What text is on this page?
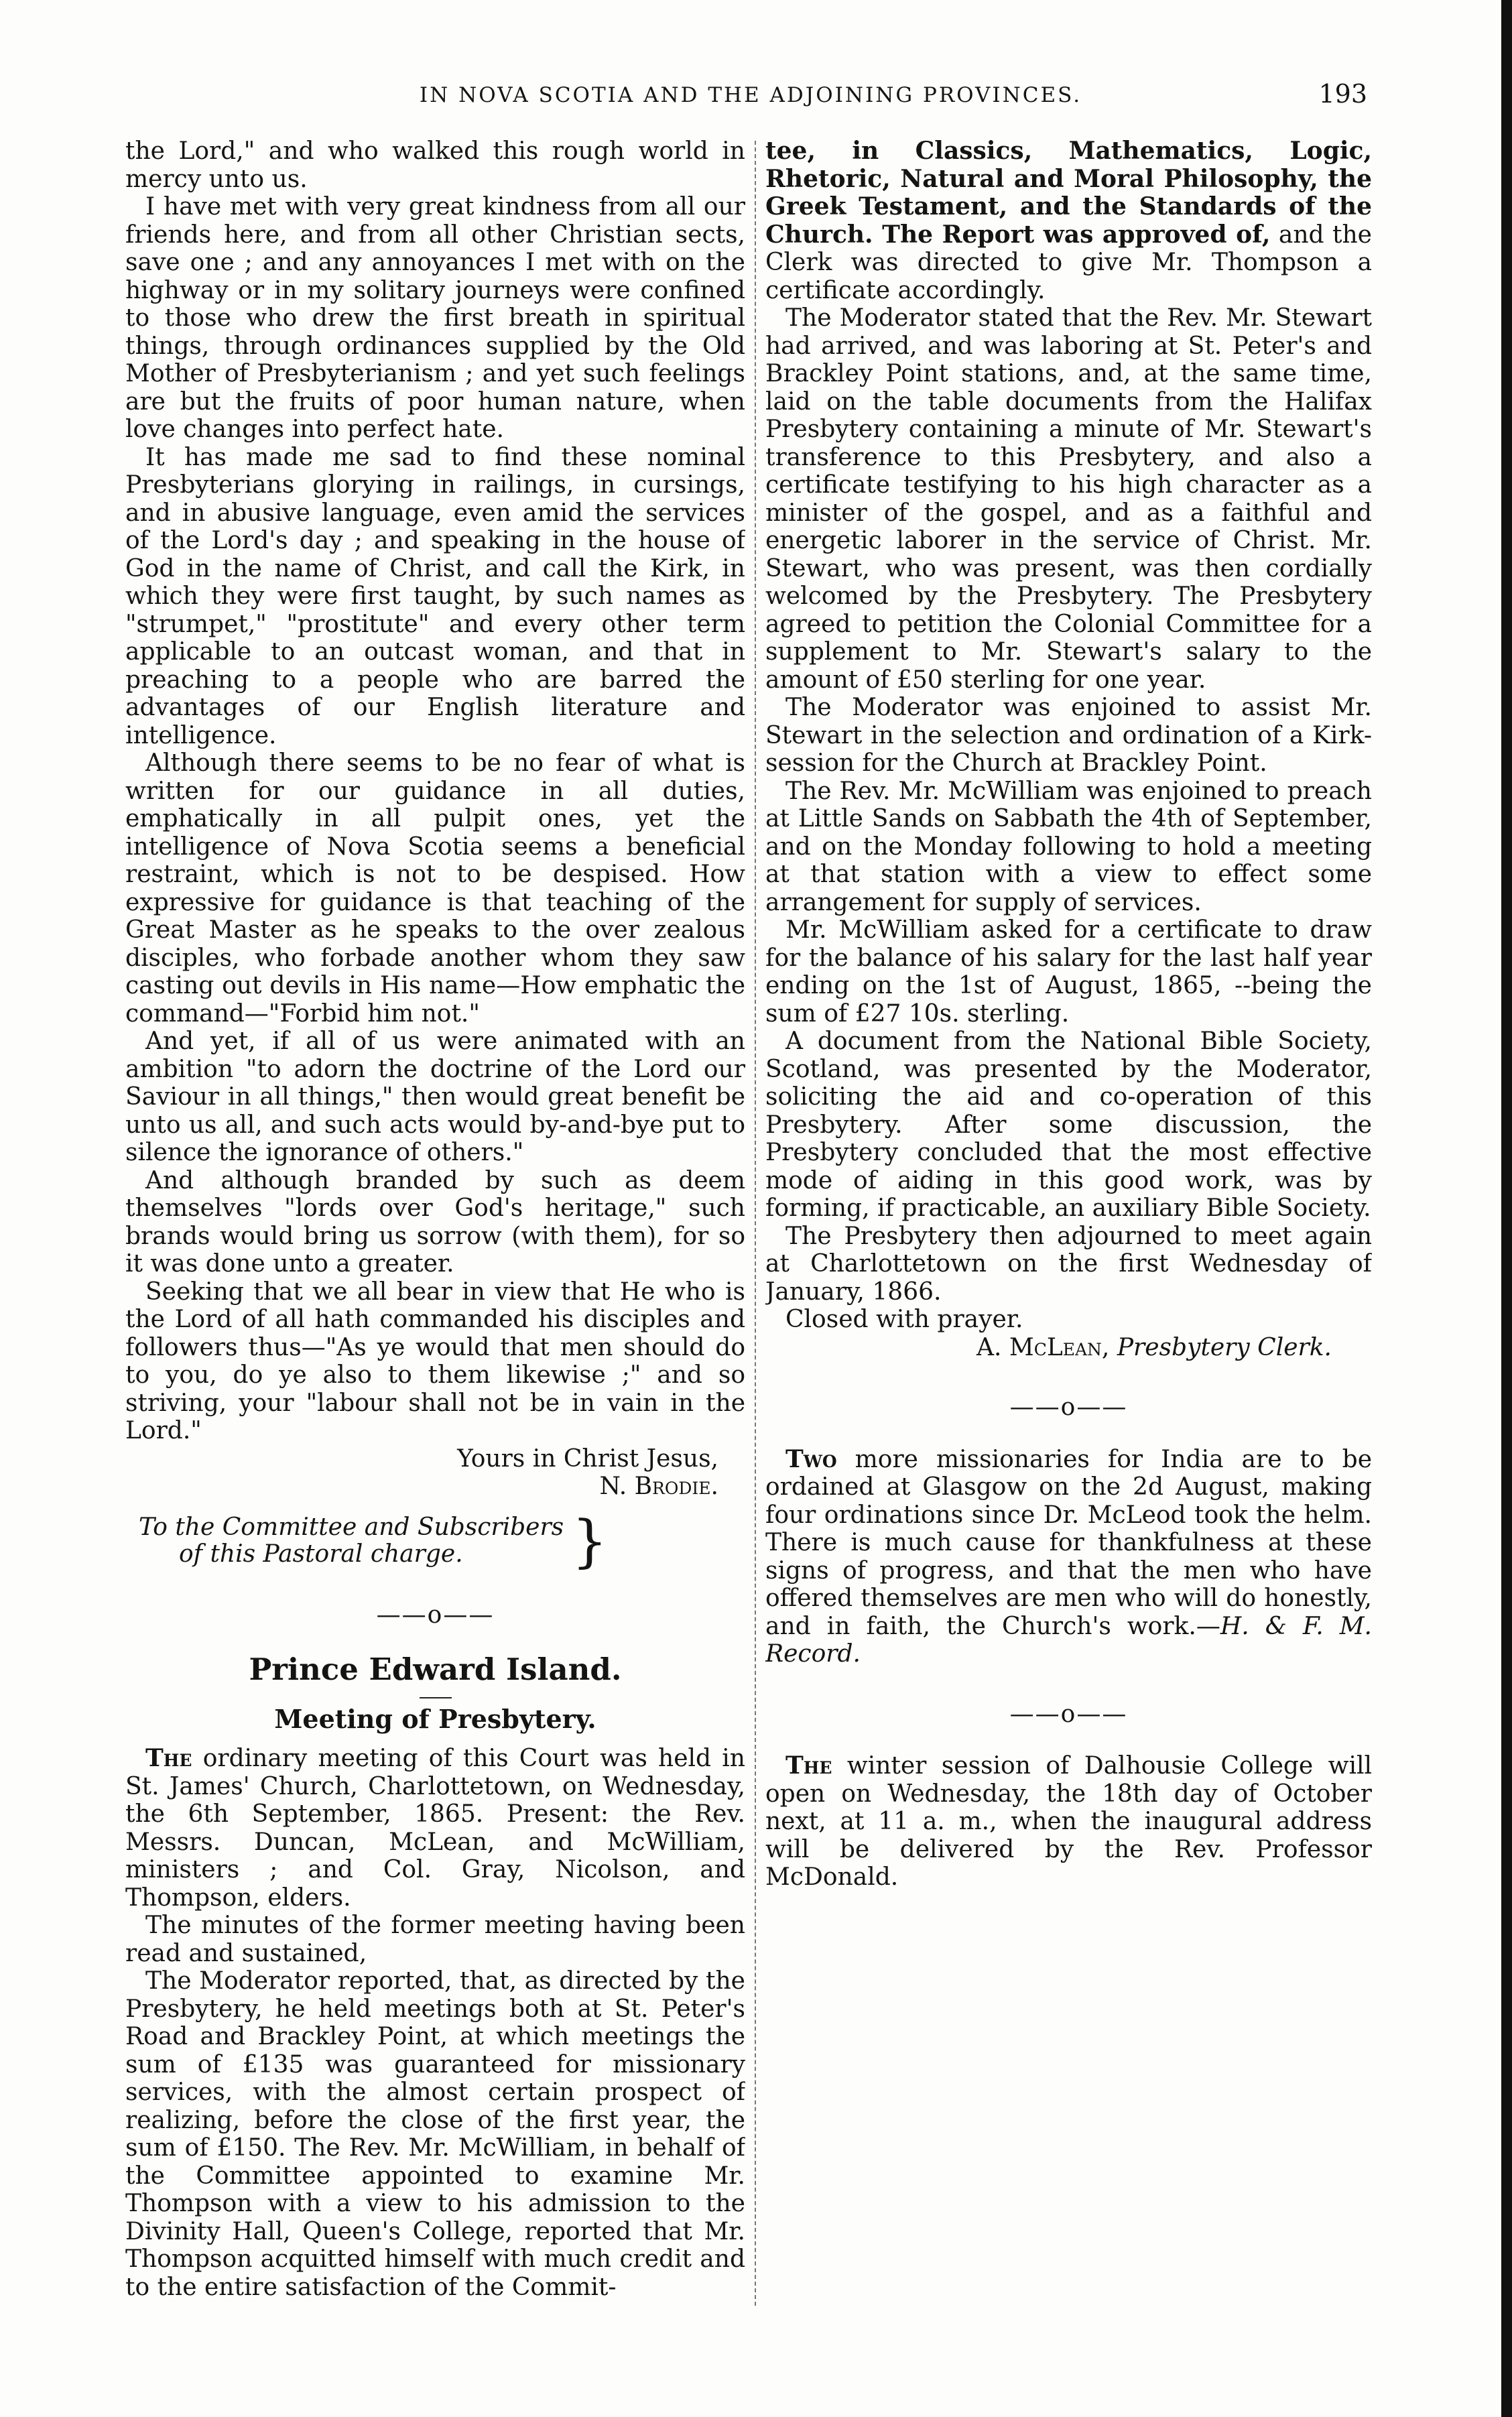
IN NOVA SCOTIA AND THE ADJOINING PROVINCES.	193

the Lord," and who walked this rough world in mercy unto us.

I have met with very great kindness from all our friends here, and from all other Christian sects, save one ; and any annoyances I met with on the highway or in my solitary journeys were confined to those who drew the first breath in spiritual things, through ordinances supplied by the Old Mother of Presbyterianism ; and yet such feelings are but the fruits of poor human nature, when love changes into perfect hate.

It has made me sad to find these nominal Presbyterians glorying in railings, in cursings, and in abusive language, even amid the services of the Lord's day ; and speaking in the house of God in the name of Christ, and call the Kirk, in which they were first taught, by such names as "strumpet," "prostitute" and every other term applicable to an outcast woman, and that in preaching to a people who are barred the advantages of our English literature and intelligence.

Although there seems to be no fear of what is written for our guidance in all duties, emphatically in all pulpit ones, yet the intelligence of Nova Scotia seems a beneficial restraint, which is not to be despised. How expressive for guidance is that teaching of the Great Master as he speaks to the over zealous disciples, who forbade another whom they saw casting out devils in His name—How emphatic the command—"Forbid him not."

And yet, if all of us were animated with an ambition "to adorn the doctrine of the Lord our Saviour in all things," then would great benefit be unto us all, and such acts would by-and-bye put to silence the ignorance of others."

And although branded by such as deem themselves "lords over God's heritage," such brands would bring us sorrow (with them), for so it was done unto a greater.

Seeking that we all bear in view that He who is the Lord of all hath commanded his disciples and followers thus—"As ye would that men should do to you, do ye also to them likewise ;" and so striving, your "labour shall not be in vain in the Lord."

Yours in Christ Jesus,

N. Brodie.

To the Committee and Subscribers
of this Pastoral charge.	}
——o——
Prince Edward Island.
Meeting of Presbytery.

The ordinary meeting of this Court was held in St. James' Church, Charlottetown, on Wednesday, the 6th September, 1865. Present: the Rev. Messrs. Duncan, McLean, and McWilliam, ministers ; and Col. Gray, Nicolson, and Thompson, elders.

The minutes of the former meeting having been read and sustained,

The Moderator reported, that, as directed by the Presbytery, he held meetings both at St. Peter's Road and Brackley Point, at which meetings the sum of £135 was guaranteed for missionary services, with the almost certain prospect of realizing, before the close of the first year, the sum of £150. The Rev. Mr. McWilliam, in behalf of the Committee appointed to examine Mr. Thompson with a view to his admission to the Divinity Hall, Queen's College, reported that Mr. Thompson acquitted himself with much credit and to the entire satisfaction of the Commit-

tee, in Classics, Mathematics, Logic, Rhetoric, Natural and Moral Philosophy, the Greek Testament, and the Standards of the Church. The Report was approved of, and the Clerk was directed to give Mr. Thompson a certificate accordingly.

The Moderator stated that the Rev. Mr. Stewart had arrived, and was laboring at St. Peter's and Brackley Point stations, and, at the same time, laid on the table documents from the Halifax Presbytery containing a minute of Mr. Stewart's transference to this Presbytery, and also a certificate testifying to his high character as a minister of the gospel, and as a faithful and energetic laborer in the service of Christ. Mr. Stewart, who was present, was then cordially welcomed by the Presbytery. The Presbytery agreed to petition the Colonial Committee for a supplement to Mr. Stewart's salary to the amount of £50 sterling for one year.

The Moderator was enjoined to assist Mr. Stewart in the selection and ordination of a Kirk-session for the Church at Brackley Point.

The Rev. Mr. McWilliam was enjoined to preach at Little Sands on Sabbath the 4th of September, and on the Monday following to hold a meeting at that station with a view to effect some arrangement for supply of services.

Mr. McWilliam asked for a certificate to draw for the balance of his salary for the last half year ending on the 1st of August, 1865, --being the sum of £27 10s. sterling.

A document from the National Bible Society, Scotland, was presented by the Moderator, soliciting the aid and co-operation of this Presbytery. After some discussion, the Presbytery concluded that the most effective mode of aiding in this good work, was by forming, if practicable, an auxiliary Bible Society.

The Presbytery then adjourned to meet again at Charlottetown on the first Wednesday of January, 1866.

Closed with prayer.

A. McLean, Presbytery Clerk.

——o——

Two more missionaries for India are to be ordained at Glasgow on the 2d August, making four ordinations since Dr. McLeod took the helm. There is much cause for thankfulness at these signs of progress, and that the men who have offered themselves are men who will do honestly, and in faith, the Church's work.—H. & F. M. Record.

——o——

The winter session of Dalhousie College will open on Wednesday, the 18th day of October next, at 11 a. m., when the inaugural address will be delivered by the Rev. Professor McDonald.
